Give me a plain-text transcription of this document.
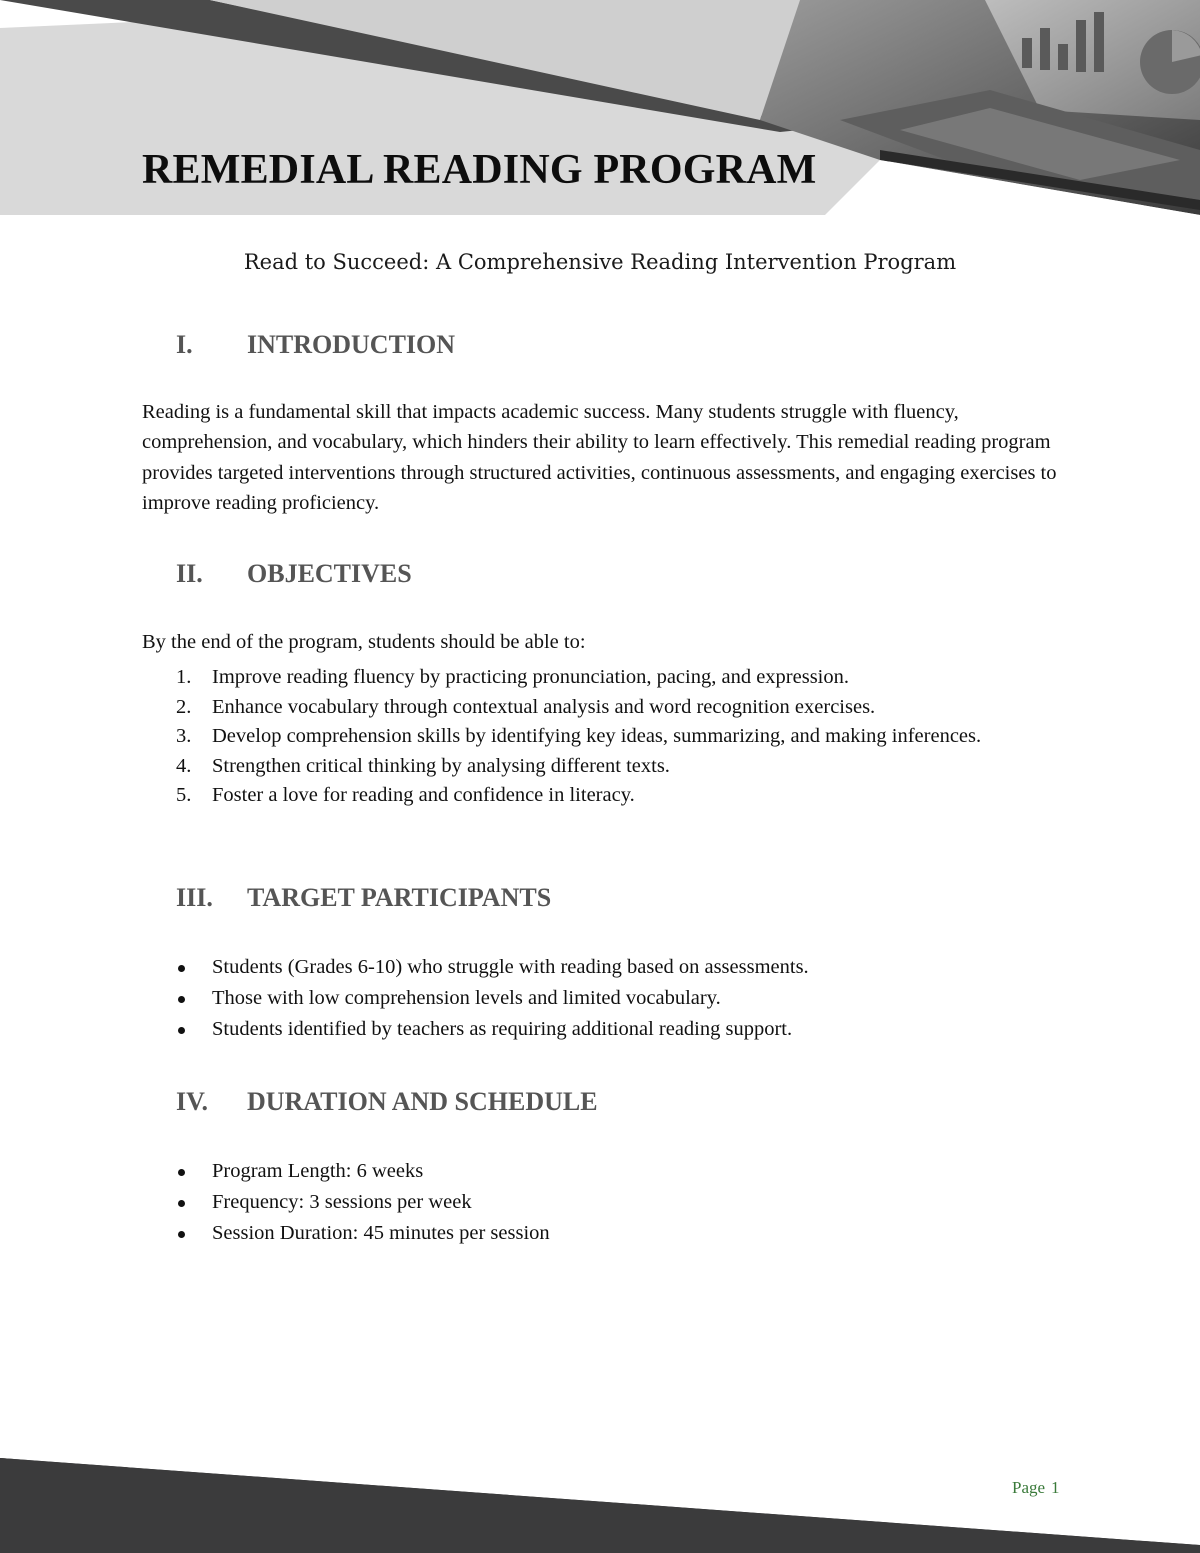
REMEDIAL READING PROGRAM

Read to Succeed: A Comprehensive Reading Intervention Program

I.	INTRODUCTION

Reading is a fundamental skill that impacts academic success. Many students struggle with fluency, comprehension, and vocabulary, which hinders their ability to learn effectively. This remedial reading program provides targeted interventions through structured activities, continuous assessments, and engaging exercises to improve reading proficiency.

II.	OBJECTIVES

By the end of the program, students should be able to:

1.	Improve reading fluency by practicing pronunciation, pacing, and expression.
2.	Enhance vocabulary through contextual analysis and word recognition exercises.
3.	Develop comprehension skills by identifying key ideas, summarizing, and making inferences.
4.	Strengthen critical thinking by analysing different texts.
5.	Foster a love for reading and confidence in literacy.
III.	TARGET PARTICIPANTS
Students (Grades 6-10) who struggle with reading based on assessments.
Those with low comprehension levels and limited vocabulary.
Students identified by teachers as requiring additional reading support.
IV.	DURATION AND SCHEDULE
Program Length: 6 weeks
Frequency: 3 sessions per week
Session Duration: 45 minutes per session
Page 1
